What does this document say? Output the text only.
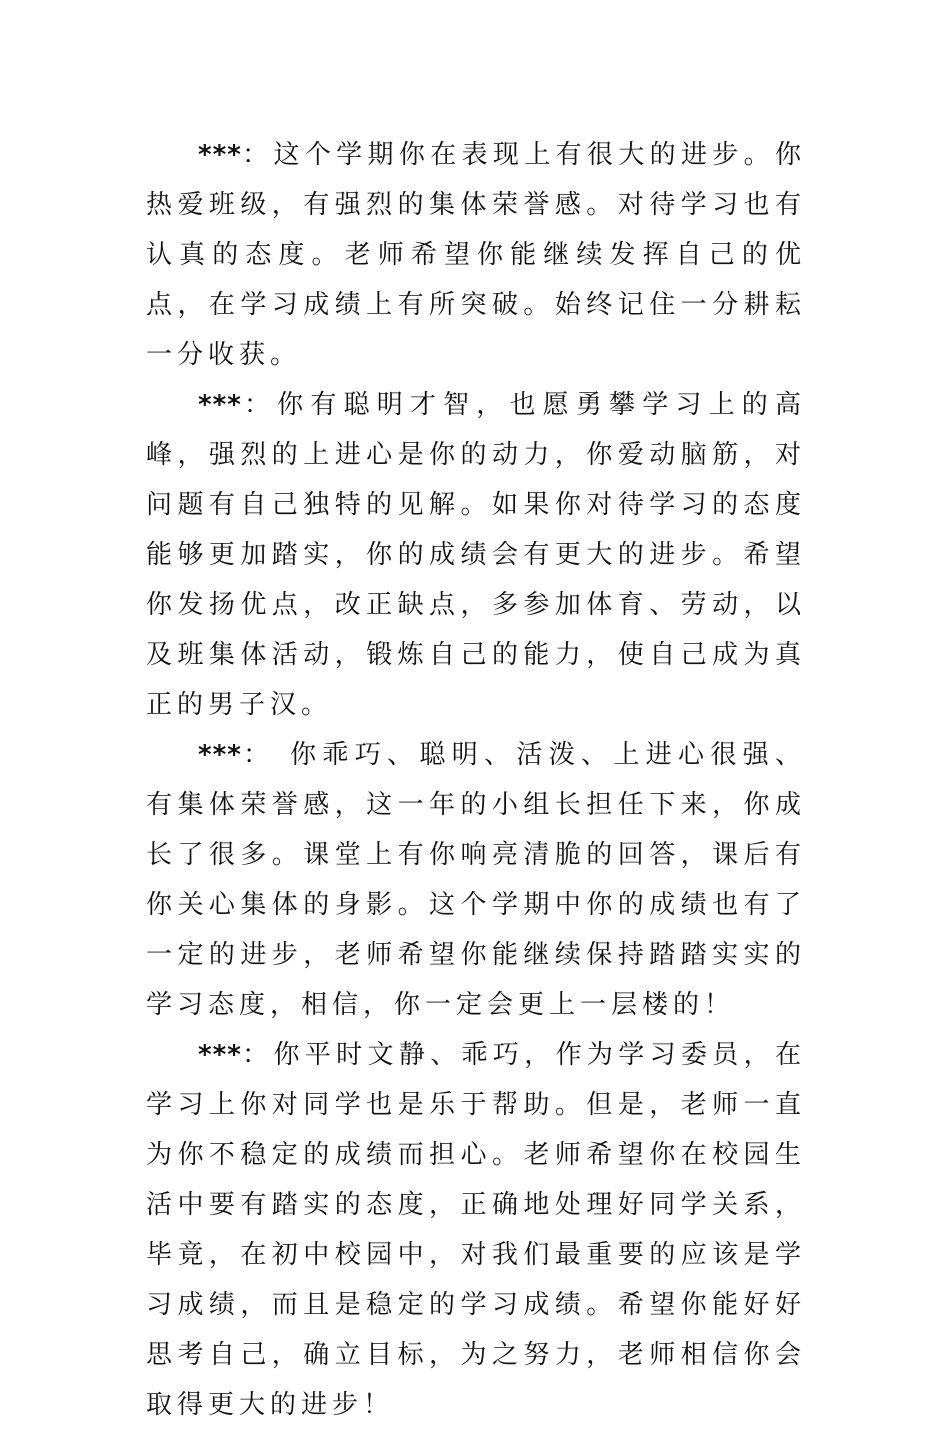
***：这个学期你在表现上有很大的进步。你热爱班级，有强烈的集体荣誉感。对待学习也有认真的态度。老师希望你能继续发挥自己的优点，在学习成绩上有所突破。始终记住一分耕耘一分收获。

***：你有聪明才智，也愿勇攀学习上的高峰，强烈的上进心是你的动力，你爱动脑筋，对问题有自己独特的见解。如果你对待学习的态度能够更加踏实，你的成绩会有更大的进步。希望你发扬优点，改正缺点，多参加体育、劳动，以及班集体活动，锻炼自己的能力，使自己成为真正的男子汉。

***： 你乖巧、聪明、活泼、上进心很强、有集体荣誉感，这一年的小组长担任下来，你成长了很多。课堂上有你响亮清脆的回答，课后有你关心集体的身影。这个学期中你的成绩也有了一定的进步，老师希望你能继续保持踏踏实实的学习态度，相信，你一定会更上一层楼的！

***：你平时文静、乖巧，作为学习委员，在学习上你对同学也是乐于帮助。但是，老师一直为你不稳定的成绩而担心。老师希望你在校园生活中要有踏实的态度，正确地处理好同学关系，毕竟，在初中校园中，对我们最重要的应该是学习成绩，而且是稳定的学习成绩。希望你能好好思考自己，确立目标，为之努力，老师相信你会取得更大的进步！
